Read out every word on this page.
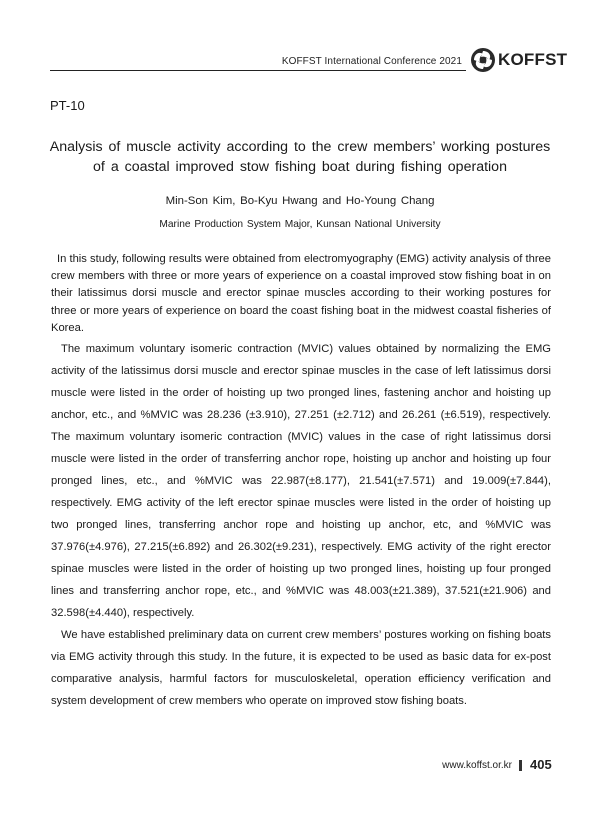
KOFFST International Conference 2021 KOFFST
PT-10
Analysis of muscle activity according to the crew members’ working postures
of a coastal improved stow fishing boat during fishing operation
Min-Son Kim, Bo-Kyu Hwang and Ho-Young Chang
Marine Production System Major, Kunsan National University

In this study, following results were obtained from electromyography (EMG) activity analysis of three crew members with three or more years of experience on a coastal improved stow fishing boat in on their latissimus dorsi muscle and erector spinae muscles according to their working postures for three or more years of experience on board the coast fishing boat in the midwest coastal fisheries of Korea.

The maximum voluntary isomeric contraction (MVIC) values obtained by normalizing the EMG activity of the latissimus dorsi muscle and erector spinae muscles in the case of left latissimus dorsi muscle were listed in the order of hoisting up two pronged lines, fastening anchor and hoisting up anchor, etc., and %MVIC was 28.236 (±3.910), 27.251 (±2.712) and 26.261 (±6.519), respectively. The maximum voluntary isomeric contraction (MVIC) values in the case of right latissimus dorsi muscle were listed in the order of transferring anchor rope, hoisting up anchor and hoisting up four pronged lines, etc., and %MVIC was 22.987(±8.177), 21.541(±7.571) and 19.009(±7.844), respectively. EMG activity of the left erector spinae muscles were listed in the order of hoisting up two pronged lines, transferring anchor rope and hoisting up anchor, etc, and %MVIC was 37.976(±4.976), 27.215(±6.892) and 26.302(±9.231), respectively. EMG activity of the right erector spinae muscles were listed in the order of hoisting up two pronged lines, hoisting up four pronged lines and transferring anchor rope, etc., and %MVIC was 48.003(±21.389), 37.521(±21.906) and 32.598(±4.440), respectively.

We have established preliminary data on current crew members’ postures working on fishing boats via EMG activity through this study. In the future, it is expected to be used as basic data for ex-post comparative analysis, harmful factors for musculoskeletal, operation efficiency verification and system development of crew members who operate on improved stow fishing boats.

www.koffst.or.kr 405
